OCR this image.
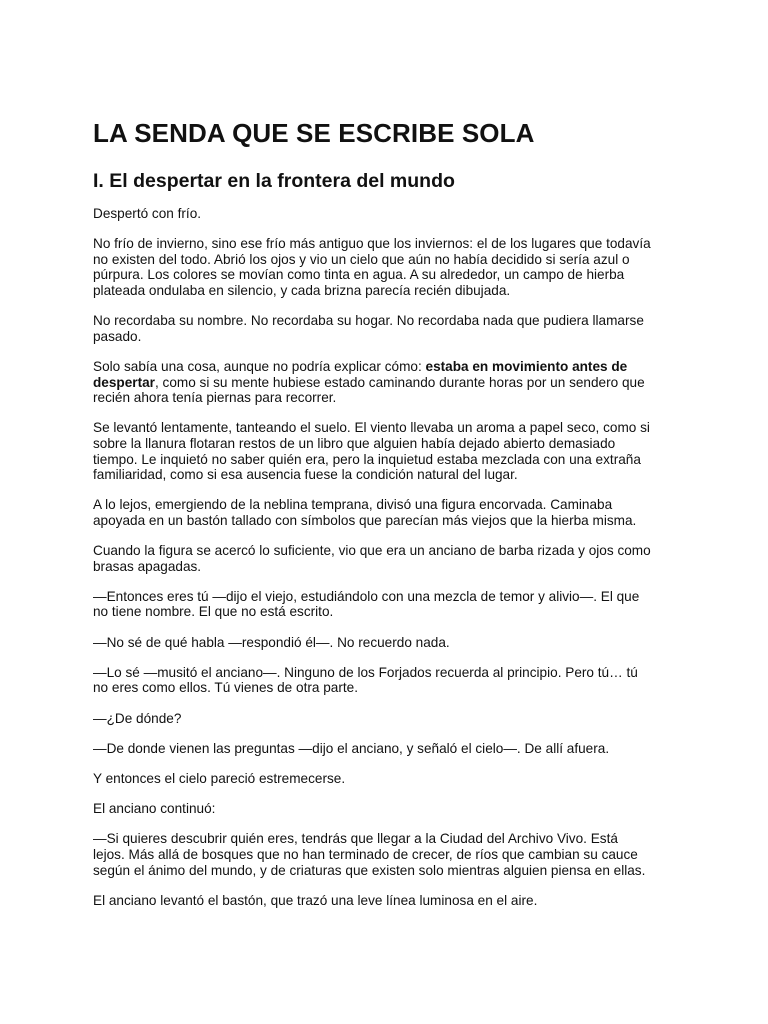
LA SENDA QUE SE ESCRIBE SOLA
I. El despertar en la frontera del mundo

Despertó con frío.

No frío de invierno, sino ese frío más antiguo que los inviernos: el de los lugares que todavía
no existen del todo. Abrió los ojos y vio un cielo que aún no había decidido si sería azul o
púrpura. Los colores se movían como tinta en agua. A su alrededor, un campo de hierba
plateada ondulaba en silencio, y cada brizna parecía recién dibujada.

No recordaba su nombre. No recordaba su hogar. No recordaba nada que pudiera llamarse
pasado.

Solo sabía una cosa, aunque no podría explicar cómo: estaba en movimiento antes de
despertar, como si su mente hubiese estado caminando durante horas por un sendero que
recién ahora tenía piernas para recorrer.

Se levantó lentamente, tanteando el suelo. El viento llevaba un aroma a papel seco, como si
sobre la llanura flotaran restos de un libro que alguien había dejado abierto demasiado
tiempo. Le inquietó no saber quién era, pero la inquietud estaba mezclada con una extraña
familiaridad, como si esa ausencia fuese la condición natural del lugar.

A lo lejos, emergiendo de la neblina temprana, divisó una figura encorvada. Caminaba
apoyada en un bastón tallado con símbolos que parecían más viejos que la hierba misma.

Cuando la figura se acercó lo suficiente, vio que era un anciano de barba rizada y ojos como
brasas apagadas.

—Entonces eres tú —dijo el viejo, estudiándolo con una mezcla de temor y alivio—. El que
no tiene nombre. El que no está escrito.

—No sé de qué habla —respondió él—. No recuerdo nada.

—Lo sé —musitó el anciano—. Ninguno de los Forjados recuerda al principio. Pero tú… tú
no eres como ellos. Tú vienes de otra parte.

—¿De dónde?

—De donde vienen las preguntas —dijo el anciano, y señaló el cielo—. De allí afuera.

Y entonces el cielo pareció estremecerse.

El anciano continuó:

—Si quieres descubrir quién eres, tendrás que llegar a la Ciudad del Archivo Vivo. Está
lejos. Más allá de bosques que no han terminado de crecer, de ríos que cambian su cauce
según el ánimo del mundo, y de criaturas que existen solo mientras alguien piensa en ellas.

El anciano levantó el bastón, que trazó una leve línea luminosa en el aire.
